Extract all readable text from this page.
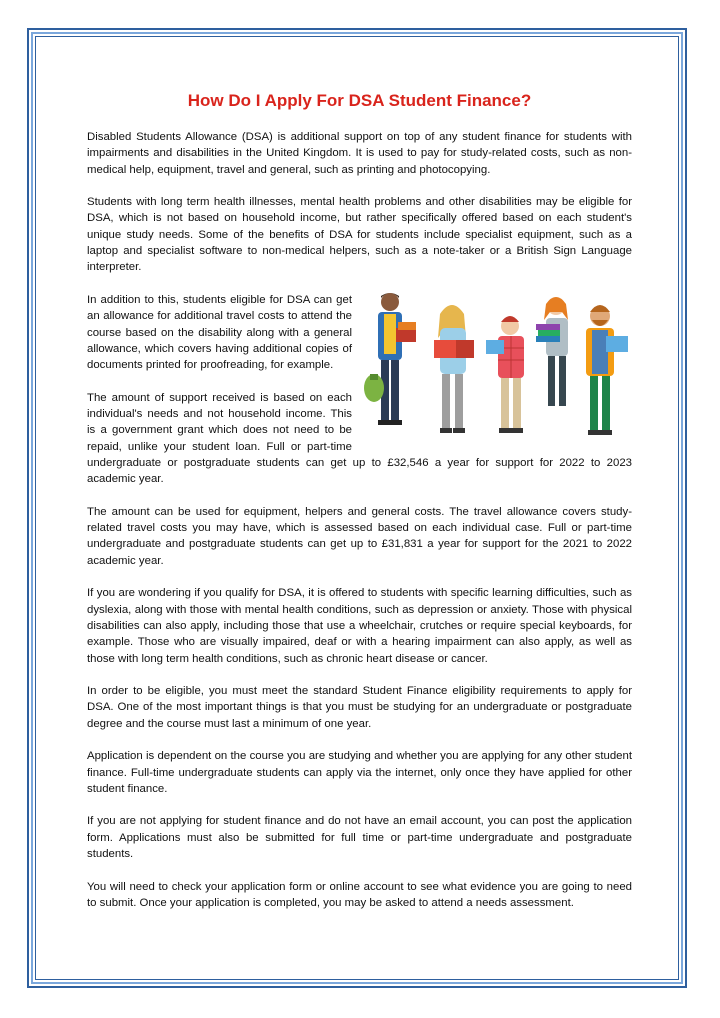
How Do I Apply For DSA Student Finance?

Disabled Students Allowance (DSA) is additional support on top of any student finance for students with impairments and disabilities in the United Kingdom. It is used to pay for study-related costs, such as non-medical help, equipment, travel and general, such as printing and photocopying.

Students with long term health illnesses, mental health problems and other disabilities may be eligible for DSA, which is not based on household income, but rather specifically offered based on each student's unique study needs. Some of the benefits of DSA for students include specialist equipment, such as a laptop and specialist software to non-medical helpers, such as a note-taker or a British Sign Language interpreter.

In addition to this, students eligible for DSA can get an allowance for additional travel costs to attend the course based on the disability along with a general allowance, which covers having additional copies of documents printed for proofreading, for example.

The amount of support received is based on each individual's needs and not household income. This is a government grant which does not need to be repaid, unlike your student loan. Full or part-time undergraduate or postgraduate students can get up to £32,546 a year for support for 2022 to 2023 academic year.

The amount can be used for equipment, helpers and general costs. The travel allowance covers study-related travel costs you may have, which is assessed based on each individual case. Full or part-time undergraduate and postgraduate students can get up to £31,831 a year for support for the 2021 to 2022 academic year.

If you are wondering if you qualify for DSA, it is offered to students with specific learning difficulties, such as dyslexia, along with those with mental health conditions, such as depression or anxiety. Those with physical disabilities can also apply, including those that use a wheelchair, crutches or require special keyboards, for example. Those who are visually impaired, deaf or with a hearing impairment can also apply, as well as those with long term health conditions, such as chronic heart disease or cancer.

In order to be eligible, you must meet the standard Student Finance eligibility requirements to apply for DSA. One of the most important things is that you must be studying for an undergraduate or postgraduate degree and the course must last a minimum of one year.

Application is dependent on the course you are studying and whether you are applying for any other student finance. Full-time undergraduate students can apply via the internet, only once they have applied for other student finance.

If you are not applying for student finance and do not have an email account, you can post the application form. Applications must also be submitted for full time or part-time undergraduate and postgraduate students.

You will need to check your application form or online account to see what evidence you are going to need to submit. Once your application is completed, you may be asked to attend a needs assessment.
